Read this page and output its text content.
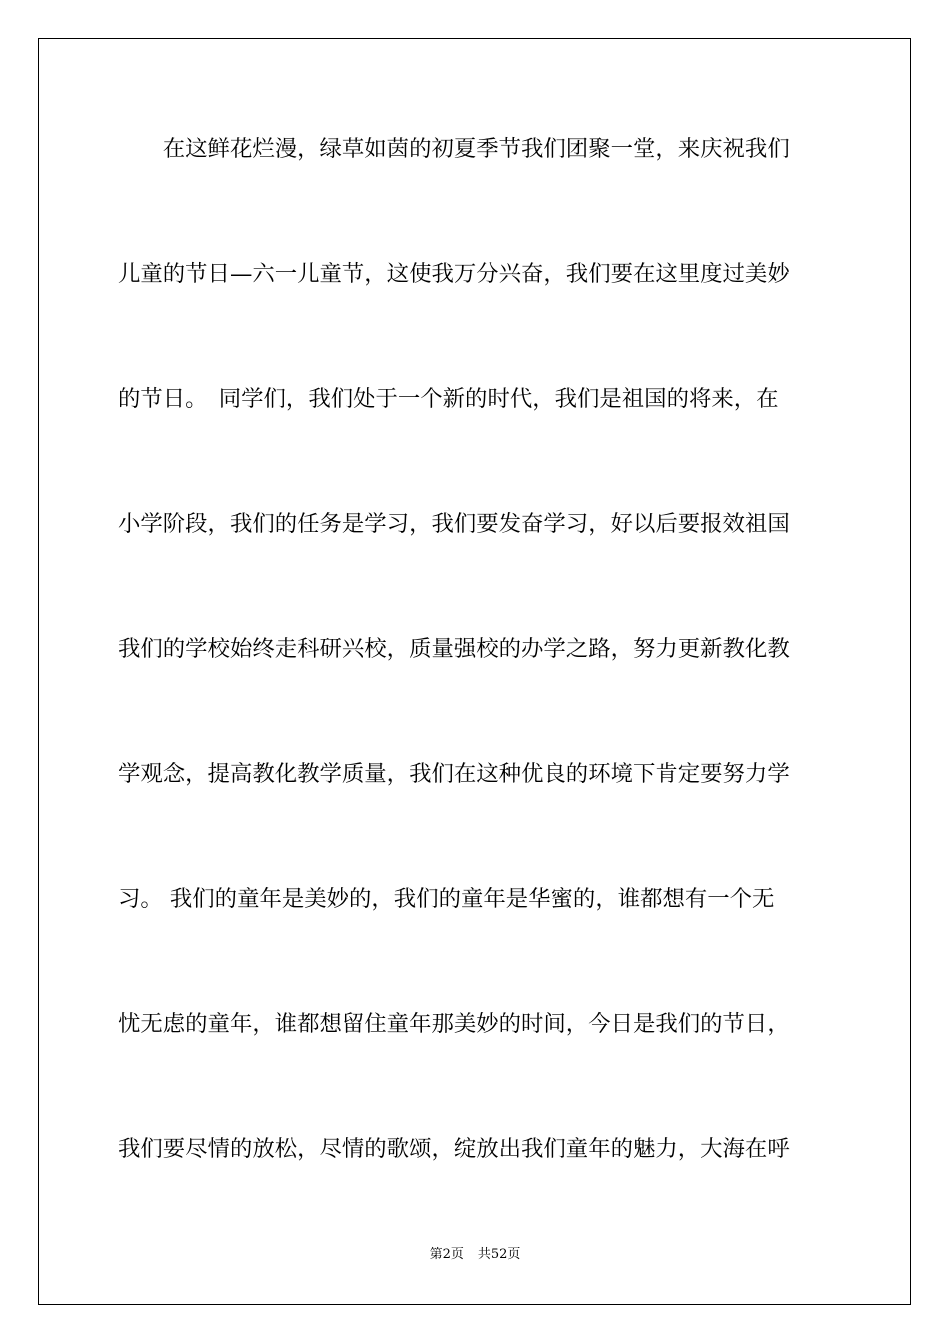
　　在这鲜花烂漫，绿草如茵的初夏季节我们团聚一堂，来庆祝我们
儿童的节日—六一儿童节，这使我万分兴奋，我们要在这里度过美妙
的节日。　同学们，我们处于一个新的时代，我们是祖国的将来，在
小学阶段，我们的任务是学习，我们要发奋学习，好以后要报效祖国
我们的学校始终走科研兴校，质量强校的办学之路，努力更新教化教
学观念，提高教化教学质量，我们在这种优良的环境下肯定要努力学
习。 我们的童年是美妙的，我们的童年是华蜜的，谁都想有一个无
忧无虑的童年，谁都想留住童年那美妙的时间，今日是我们的节日，
我们要尽情的放松，尽情的歌颂，绽放出我们童年的魅力，大海在呼
第2页 共52页
